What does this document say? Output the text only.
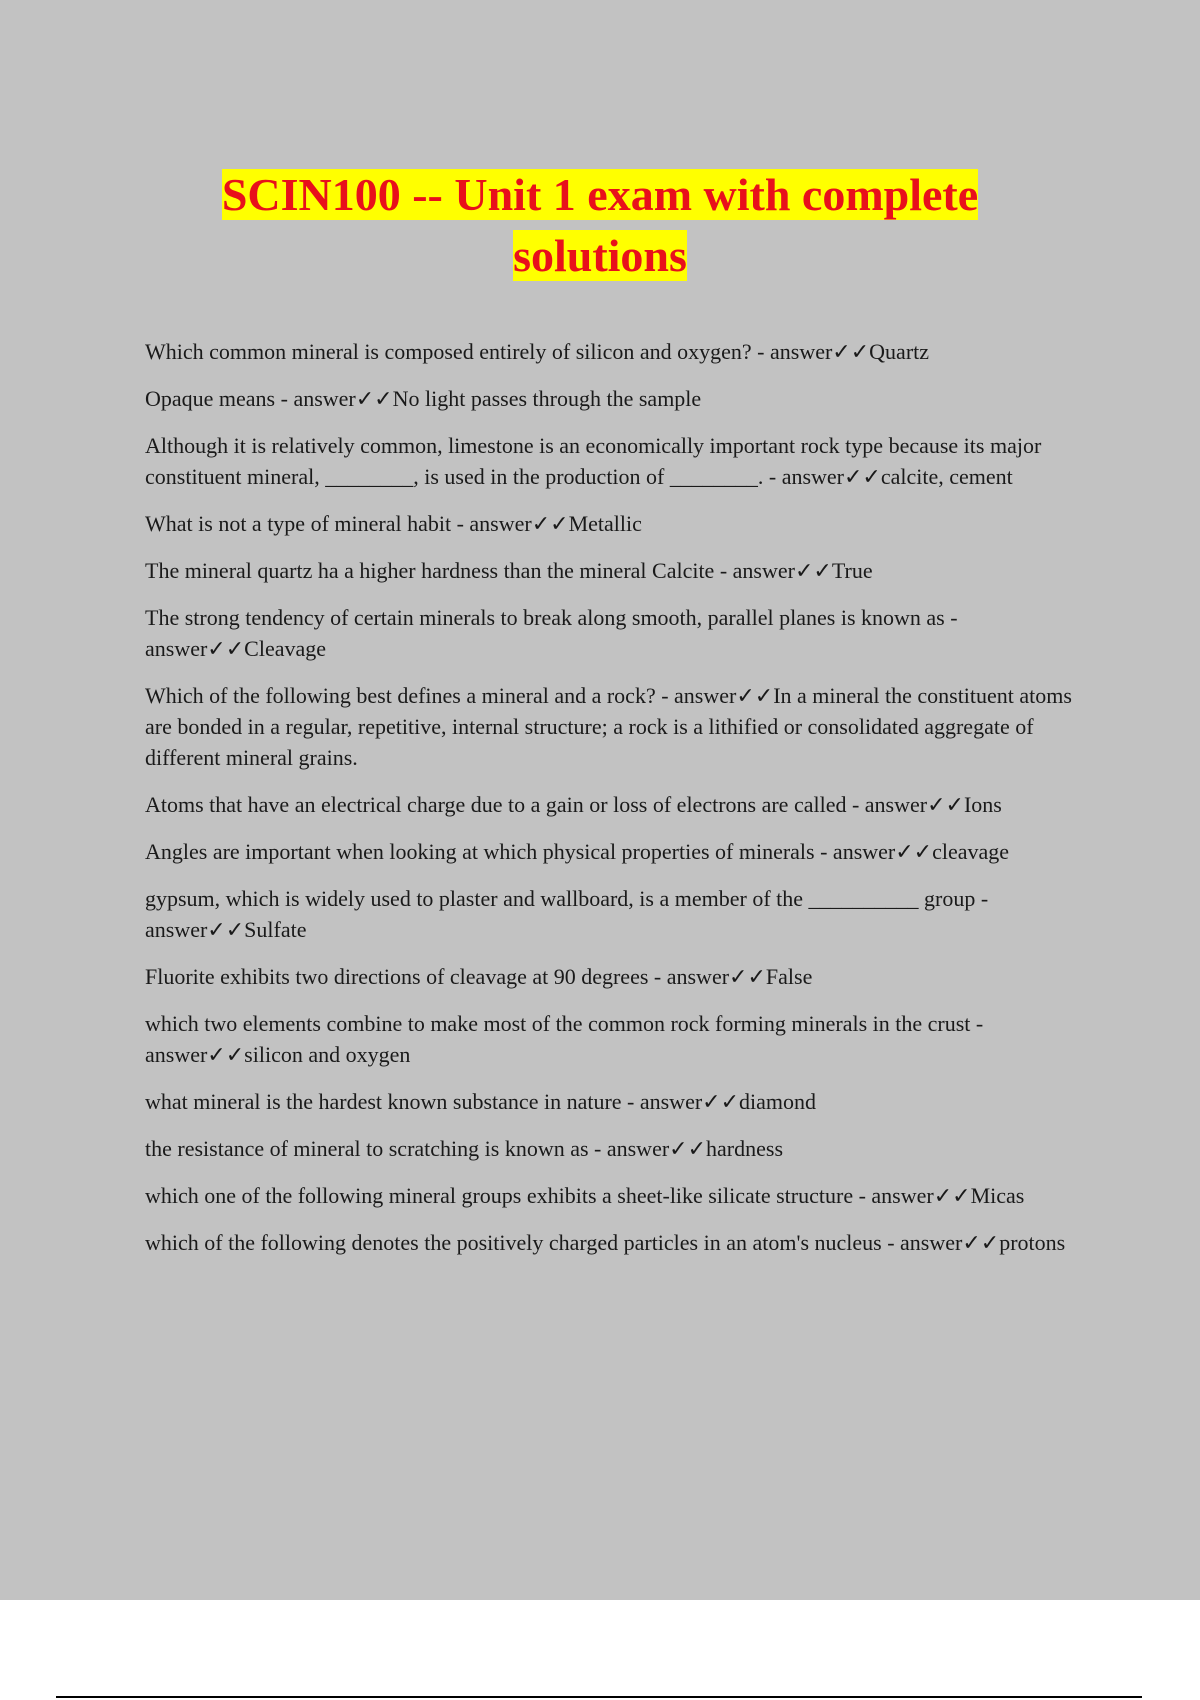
SCIN100 -- Unit 1 exam with complete
solutions

Which common mineral is composed entirely of silicon and oxygen? - answer✓✓Quartz

Opaque means - answer✓✓No light passes through the sample

Although it is relatively common, limestone is an economically important rock type because its major constituent mineral, ________, is used in the production of ________. - answer✓✓calcite, cement

What is not a type of mineral habit - answer✓✓Metallic

The mineral quartz ha a higher hardness than the mineral Calcite - answer✓✓True

The strong tendency of certain minerals to break along smooth, parallel planes is known as - answer✓✓Cleavage

Which of the following best defines a mineral and a rock? - answer✓✓In a mineral the constituent atoms are bonded in a regular, repetitive, internal structure; a rock is a lithified or consolidated aggregate of different mineral grains.

Atoms that have an electrical charge due to a gain or loss of electrons are called - answer✓✓Ions

Angles are important when looking at which physical properties of minerals - answer✓✓cleavage

gypsum, which is widely used to plaster and wallboard, is a member of the __________ group - answer✓✓Sulfate

Fluorite exhibits two directions of cleavage at 90 degrees - answer✓✓False

which two elements combine to make most of the common rock forming minerals in the crust - answer✓✓silicon and oxygen

what mineral is the hardest known substance in nature - answer✓✓diamond

the resistance of mineral to scratching is known as - answer✓✓hardness

which one of the following mineral groups exhibits a sheet-like silicate structure - answer✓✓Micas

which of the following denotes the positively charged particles in an atom's nucleus - answer✓✓protons
